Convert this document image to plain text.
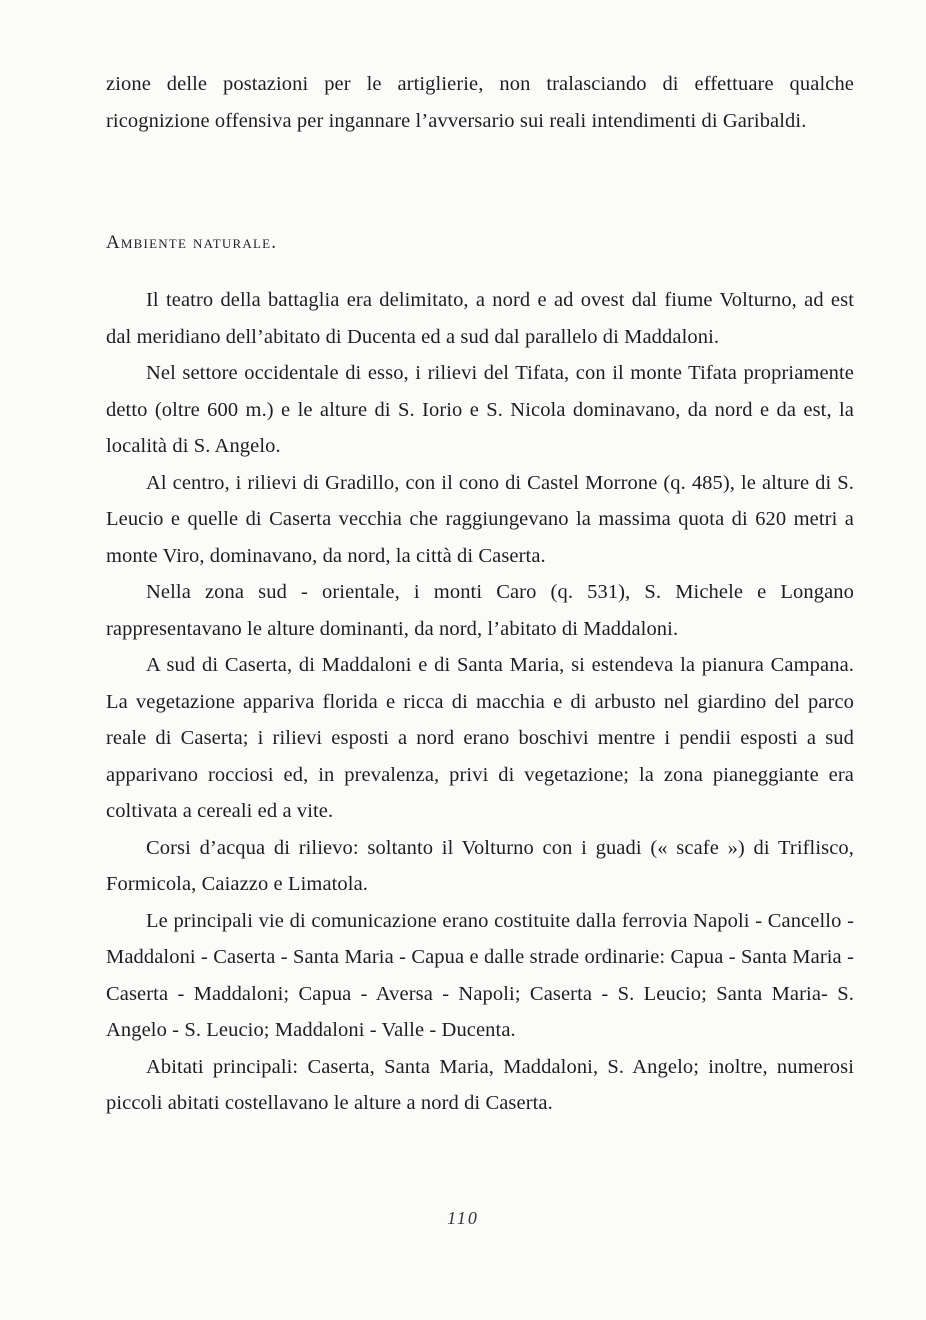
zione delle postazioni per le artiglierie, non tralasciando di effettuare qualche ricognizione offensiva per ingannare l’avversario sui reali intendimenti di Garibaldi.

Ambiente naturale.

Il teatro della battaglia era delimitato, a nord e ad ovest dal fiume Volturno, ad est dal meridiano dell’abitato di Ducenta ed a sud dal parallelo di Maddaloni.

Nel settore occidentale di esso, i rilievi del Tifata, con il monte Tifata propriamente detto (oltre 600 m.) e le alture di S. Iorio e S. Nicola dominavano, da nord e da est, la località di S. Angelo.

Al centro, i rilievi di Gradillo, con il cono di Castel Morrone (q. 485), le alture di S. Leucio e quelle di Caserta vecchia che raggiungevano la massima quota di 620 metri a monte Viro, dominavano, da nord, la città di Caserta.

Nella zona sud - orientale, i monti Caro (q. 531), S. Michele e Longano rappresentavano le alture dominanti, da nord, l’abitato di Maddaloni.

A sud di Caserta, di Maddaloni e di Santa Maria, si estendeva la pianura Campana. La vegetazione appariva florida e ricca di macchia e di arbusto nel giardino del parco reale di Caserta; i rilievi esposti a nord erano boschivi mentre i pendii esposti a sud apparivano rocciosi ed, in prevalenza, privi di vegetazione; la zona pianeggiante era coltivata a cereali ed a vite.

Corsi d’acqua di rilievo: soltanto il Volturno con i guadi (« scafe ») di Triflisco, Formicola, Caiazzo e Limatola.

Le principali vie di comunicazione erano costituite dalla ferrovia Napoli - Cancello - Maddaloni - Caserta - Santa Maria - Capua e dalle strade ordinarie: Capua - Santa Maria - Caserta - Maddaloni; Capua - Aversa - Napoli; Caserta - S. Leucio; Santa Maria- S. Angelo - S. Leucio; Maddaloni - Valle - Ducenta.

Abitati principali: Caserta, Santa Maria, Maddaloni, S. Angelo; inoltre, numerosi piccoli abitati costellavano le alture a nord di Caserta.

110
